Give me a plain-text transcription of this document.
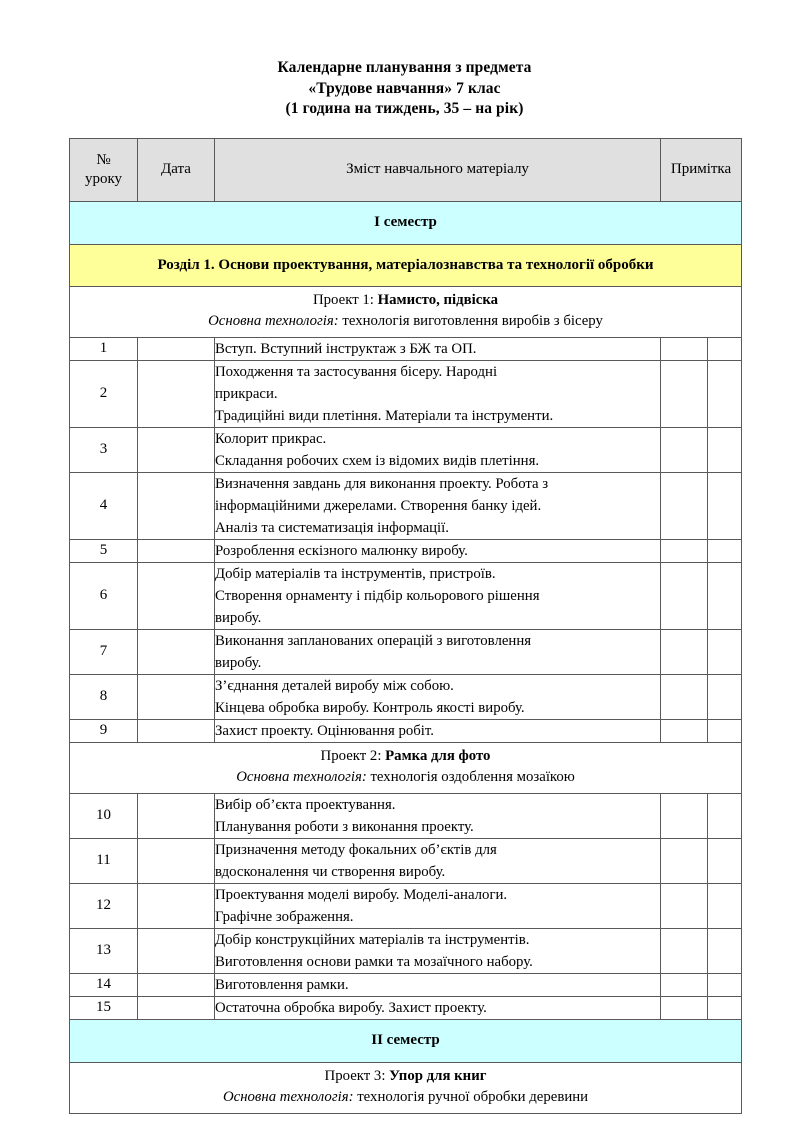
Календарне планування з предмета
«Трудове навчання» 7 клас
(1 година на тиждень, 35 – на рік)
№
уроку	Дата	Зміст навчального матеріалу	Примітка	
І семестр				
Розділ 1. Основи проектування, матеріалознавства та технології обробки				

Проект 1: Намисто, підвіска
Основна технологія: технологія виготовлення виробів з бісеру				

1		Вступ. Вступний інструктаж з БЖ та ОП.		

2		Походження та застосування бісеру. Народні
прикраси.
Традиційні види плетіння. Матеріали та інструменти.		

3		Колорит прикрас.
Складання робочих схем із відомих видів плетіння.		

4		Визначення завдань для виконання проекту. Робота з
інформаційними джерелами. Створення банку ідей.
Аналіз та систематизація інформації.		

5		Розроблення ескізного малюнку виробу.		

6		Добір матеріалів та інструментів, пристроїв.
Створення орнаменту і підбір кольорового рішення
виробу.		

7		Виконання запланованих операцій з виготовлення
виробу.		

8		З’єднання деталей виробу між собою.
Кінцева обробка виробу. Контроль якості виробу.		

9		Захист проекту. Оцінювання робіт.		

Проект 2: Рамка для фото
Основна технологія: технологія оздоблення мозаїкою				

10		Вибір об’єкта проектування.
Планування роботи з виконання проекту.		

11		Призначення методу фокальних об’єктів для
вдосконалення чи створення виробу.		

12		Проектування моделі виробу. Моделі-аналоги.
Графічне зображення.		

13		Добір конструкційних матеріалів та інструментів.
Виготовлення основи рамки та мозаїчного набору.		

14		Виготовлення рамки.		

15		Остаточна обробка виробу. Захист проекту.		

ІІ семестр				

Проект 3: Упор для книг
Основна технологія: технологія ручної обробки деревини				
